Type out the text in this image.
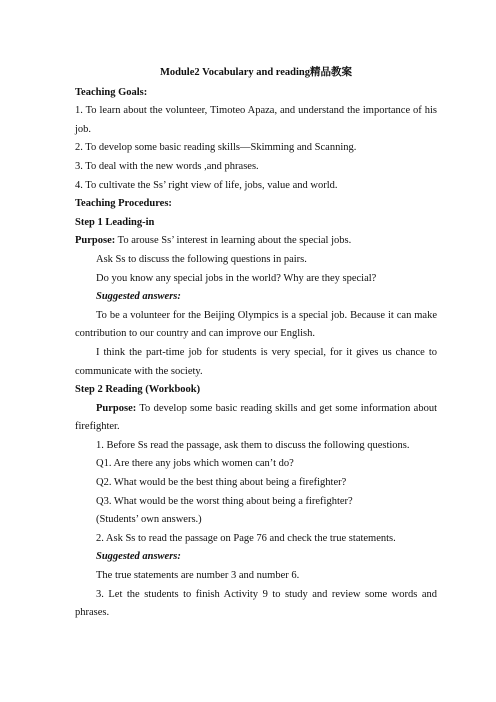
Module2 Vocabulary and reading精品教案

Teaching Goals:

1. To learn about the volunteer, Timoteo Apaza, and understand the importance of his job.

2. To develop some basic reading skills—Skimming and Scanning.

3. To deal with the new words ,and phrases.

4. To cultivate the Ss’ right view of life, jobs, value and world.

Teaching Procedures:

Step 1 Leading-in

Purpose: To arouse Ss’ interest in learning about the special jobs.

Ask Ss to discuss the following questions in pairs.

Do you know any special jobs in the world? Why are they special?

Suggested answers:

To be a volunteer for the Beijing Olympics is a special job. Because it can make contribution to our country and can improve our English.

I think the part-time job for students is very special, for it gives us chance to communicate with the society.

Step 2 Reading (Workbook)

Purpose: To develop some basic reading skills and get some information about firefighter.

1. Before Ss read the passage, ask them to discuss the following questions.

Q1. Are there any jobs which women can’t do?

Q2. What would be the best thing about being a firefighter?

Q3. What would be the worst thing about being a firefighter?

(Students’ own answers.)

2. Ask Ss to read the passage on Page 76 and check the true statements.

Suggested answers:

The true statements are number 3 and number 6.

3. Let the students to finish Activity 9 to study and review some words and phrases.
